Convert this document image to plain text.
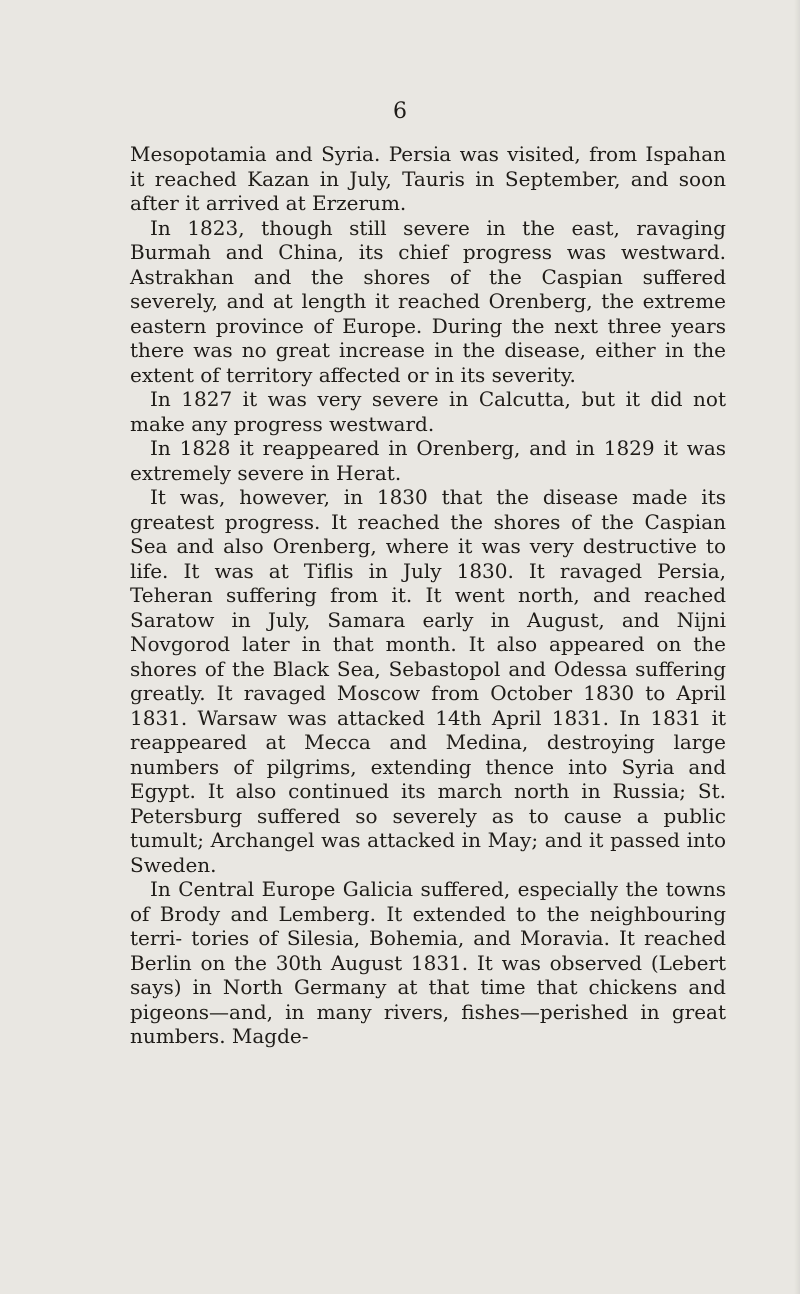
6

Mesopotamia and Syria. Persia was visited, from Ispahan it reached Kazan in July, Tauris in September, and soon after it arrived at Erzerum.

In 1823, though still severe in the east, ravaging Burmah and China, its chief progress was westward. Astrakhan and the shores of the Caspian suffered severely, and at length it reached Orenberg, the extreme eastern province of Europe. During the next three years there was no great increase in the disease, either in the extent of territory affected or in its severity.

In 1827 it was very severe in Calcutta, but it did not make any progress westward.

In 1828 it reappeared in Orenberg, and in 1829 it was extremely severe in Herat.

It was, however, in 1830 that the disease made its greatest progress. It reached the shores of the Caspian Sea and also Orenberg, where it was very destructive to life. It was at Tiflis in July 1830. It ravaged Persia, Teheran suffering from it. It went north, and reached Saratow in July, Samara early in August, and Nijni Novgorod later in that month. It also appeared on the shores of the Black Sea, Sebastopol and Odessa suffering greatly. It ravaged Moscow from October 1830 to April 1831. Warsaw was attacked 14th April 1831. In 1831 it reappeared at Mecca and Medina, destroying large numbers of pilgrims, extending thence into Syria and Egypt. It also continued its march north in Russia; St. Petersburg suffered so severely as to cause a public tumult; Archangel was attacked in May; and it passed into Sweden.

In Central Europe Galicia suffered, especially the towns of Brody and Lemberg. It extended to the neighbouring terri- tories of Silesia, Bohemia, and Moravia. It reached Berlin on the 30th August 1831. It was observed (Lebert says) in North Germany at that time that chickens and pigeons—and, in many rivers, fishes—perished in great numbers. Magde-
